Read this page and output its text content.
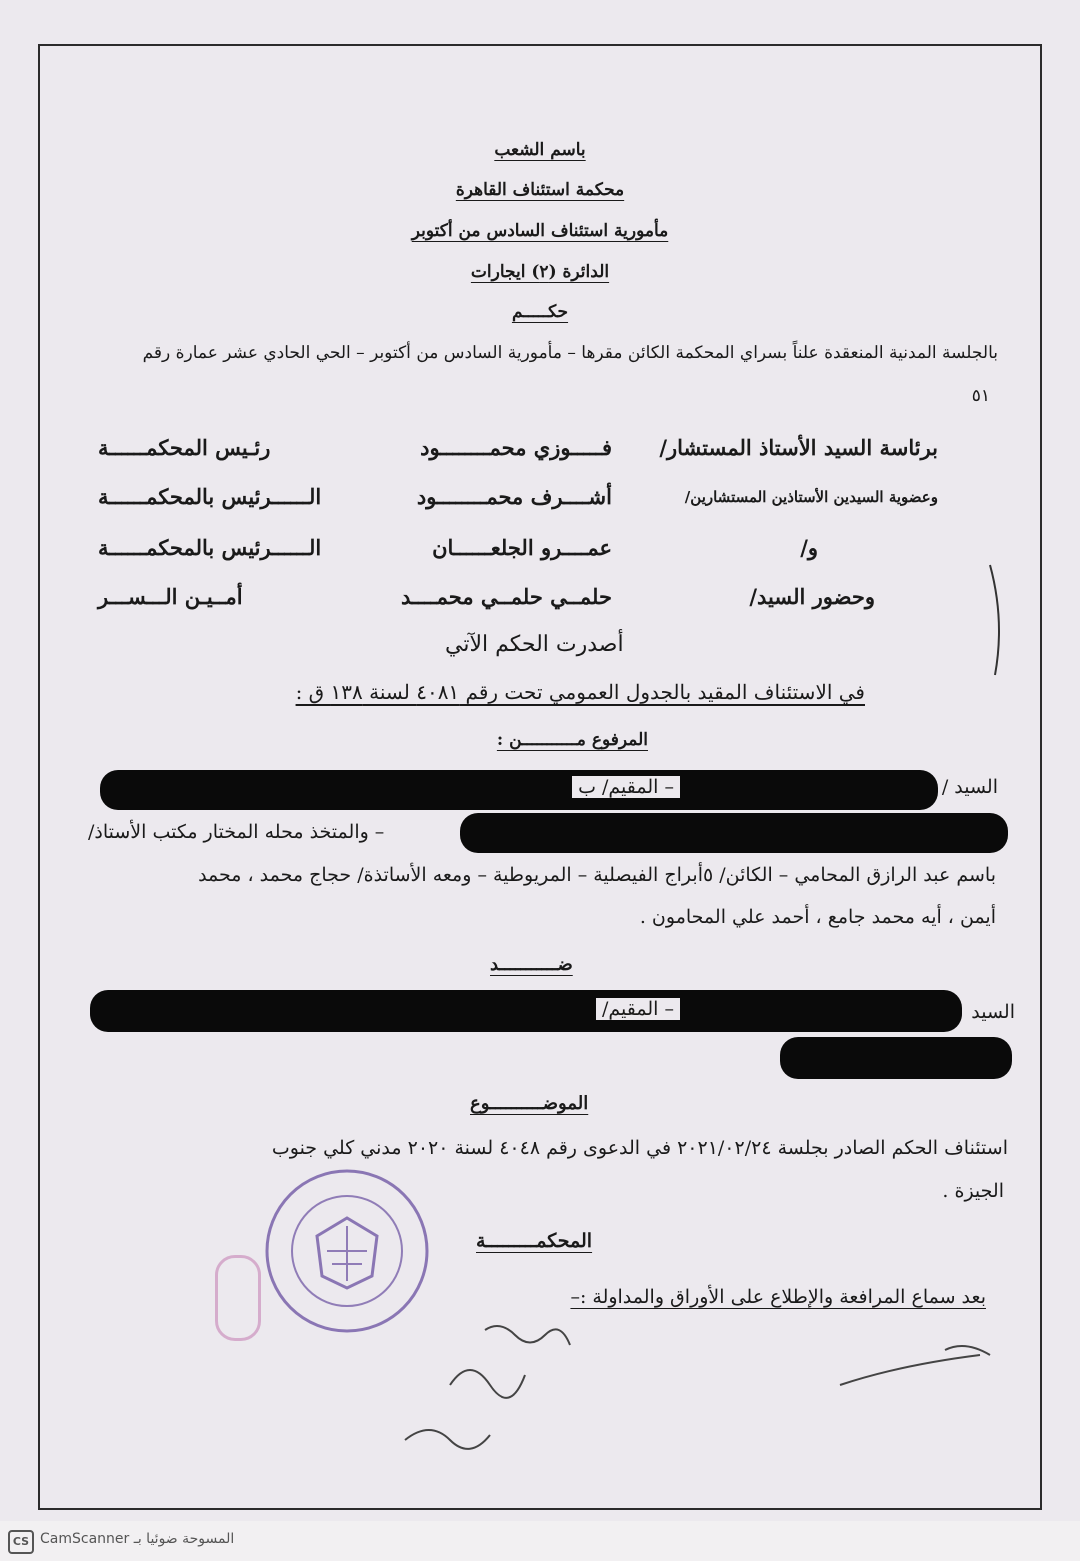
باسم الشعب
محكمة استئناف القاهرة
مأمورية استئناف السادس من أكتوبر
الدائرة (٢) ايجارات
حكـــــم
بالجلسة المدنية المنعقدة علناً بسراي المحكمة الكائن مقرها – مأمورية السادس من أكتوبر – الحي الحادي عشر عمارة رقم
٥١
برئاسة السيد الأستاذ المستشار/
فـــــوزي محمــــــــود
رئـيس المحكمــــــة
وعضوية السيدين الأستاذين المستشارين/
أشــــرف محمــــــــود
الــــــرئيس بالمحكمــــــة
و/
عمــــرو الجلعــــــان
الــــــرئيس بالمحكمــــــة
وحضور السيد/
حلمــي حلمــي محمــــد
أمــيـن الـــســـر
أصدرت الحكم الآتي
في الاستئناف المقيد بالجدول العمومي تحت رقم ٤٠٨١ لسنة ١٣٨ ق :
المرفوع مـــــــــــن :
السيد /
– المقيم/ ب
– والمتخذ محله المختار مكتب الأستاذ/
باسم عبد الرازق المحامي – الكائن/ ٥أبراج الفيصلية – المريوطية – ومعه الأساتذة/ حجاج محمد ، محمد
أيمن ، أيه محمد جامع ، أحمد علي المحامون .
ضـــــــــــد
السيد
– المقيم/
الموضــــــــــوع
استئناف الحكم الصادر بجلسة ٢٠٢١/٠٢/٢٤ في الدعوى رقم ٤٠٤٨ لسنة ٢٠٢٠ مدني كلي جنوب
الجيزة .
المحكمـــــــــة
بعد سماع المرافعة والإطلاع على الأوراق والمداولة :–
CS المسوحة ضوئيا بـ CamScanner
